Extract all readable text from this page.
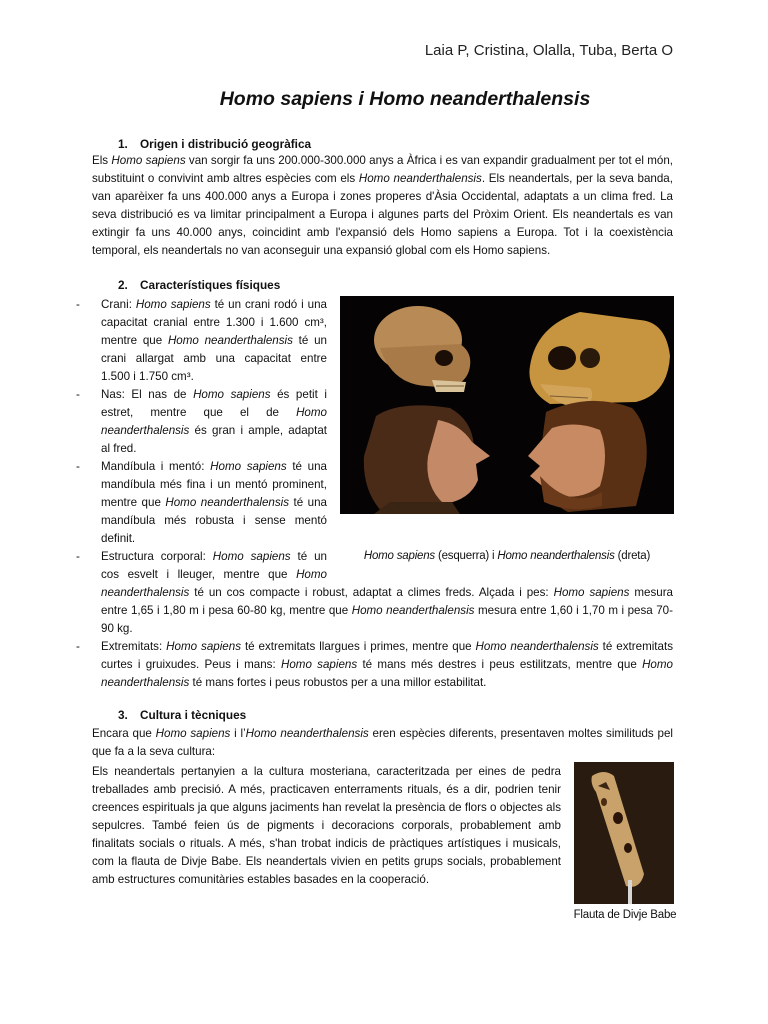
Laia P, Cristina, Olalla, Tuba, Berta O
Homo sapiens i Homo neanderthalensis
1. Origen i distribució geogràfica

Els Homo sapiens van sorgir fa uns 200.000-300.000 anys a Àfrica i es van expandir gradualment per tot el món, substituint o convivint amb altres espècies com els Homo neanderthalensis. Els neandertals, per la seva banda, van aparèixer fa uns 400.000 anys a Europa i zones properes d'Àsia Occidental, adaptats a un clima fred. La seva distribució es va limitar principalment a Europa i algunes parts del Pròxim Orient. Els neandertals es van extingir fa uns 40.000 anys, coincidint amb l'expansió dels Homo sapiens a Europa. Tot i la coexistència temporal, els neandertals no van aconseguir una expansió global com els Homo sapiens.

2. Característiques físiques
- Crani: Homo sapiens té un crani rodó i una capacitat cranial entre 1.300 i 1.600 cm³, mentre que Homo neanderthalensis té un crani allargat amb una capacitat entre 1.500 i 1.750 cm³.
- Nas: El nas de Homo sapiens és petit i estret, mentre que el de Homo neanderthalensis és gran i ample, adaptat al fred.
- Mandíbula i mentó: Homo sapiens té una mandíbula més fina i un mentó prominent, mentre que Homo neanderthalensis té una mandíbula més robusta i sense mentó definit.
- Estructura corporal: Homo sapiens té un cos esvelt i lleuger, mentre que Homo neanderthalensis té un cos compacte i robust, adaptat a climes freds. Alçada i pes: Homo sapiens mesura entre 1,65 i 1,80 m i pesa 60-80 kg, mentre que Homo neanderthalensis mesura entre 1,60 i 1,70 m i pesa 70-90 kg.
- Extremitats: Homo sapiens té extremitats llargues i primes, mentre que Homo neanderthalensis té extremitats curtes i gruixudes. Peus i mans: Homo sapiens té mans més destres i peus estilitzats, mentre que Homo neanderthalensis té mans fortes i peus robustos per a una millor estabilitat.
Homo sapiens (esquerra) i Homo neanderthalensis (dreta)
3. Cultura i tècniques

Encara que Homo sapiens i l’Homo neanderthalensis eren espècies diferents, presentaven moltes similituds pel que fa a la seva cultura:

Els neandertals pertanyien a la cultura mosteriana, caracteritzada per eines de pedra treballades amb precisió. A més, practicaven enterraments rituals, és a dir, podrien tenir creences espirituals ja que alguns jaciments han revelat la presència de flors o objectes als sepulcres. També feien ús de pigments i decoracions corporals, probablement amb finalitats socials o rituals. A més, s'han trobat indicis de pràctiques artístiques i musicals, com la flauta de Divje Babe. Els neandertals vivien en petits grups socials, probablement amb estructures comunitàries estables basades en la cooperació.
Flauta de Divje Babe
